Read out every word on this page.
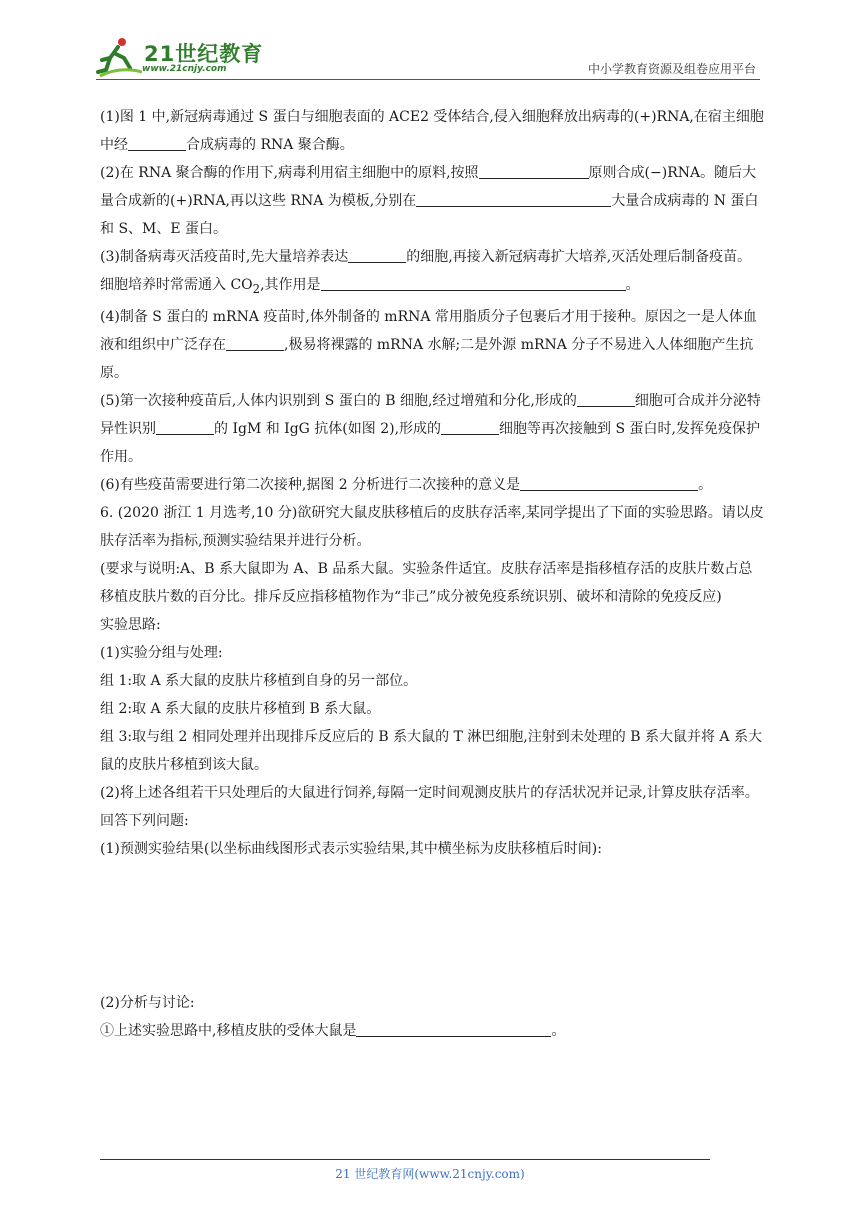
21世纪教育
www.21cnjy.com	中小学教育资源及组卷应用平台

(1)图 1 中,新冠病毒通过 S 蛋白与细胞表面的 ACE2 受体结合,侵入细胞释放出病毒的(+)RNA,在宿主细胞中经	合成病毒的 RNA 聚合酶。

(2)在 RNA 聚合酶的作用下,病毒利用宿主细胞中的原料,按照	原则合成(−)RNA。随后大量合成新的(+)RNA,再以这些 RNA 为模板,分别在	大量合成病毒的 N 蛋白和 S、M、E 蛋白。

(3)制备病毒灭活疫苗时,先大量培养表达	的细胞,再接入新冠病毒扩大培养,灭活处理后制备疫苗。细胞培养时常需通入 $CO_2$,其作用是	。

(4)制备 S 蛋白的 mRNA 疫苗时,体外制备的 mRNA 常用脂质分子包裹后才用于接种。原因之一是人体血液和组织中广泛存在	,极易将裸露的 mRNA 水解;二是外源 mRNA 分子不易进入人体细胞产生抗原。

(5)第一次接种疫苗后,人体内识别到 S 蛋白的 B 细胞,经过增殖和分化,形成的	细胞可合成并分泌特异性识别	的 IgM 和 IgG 抗体(如图 2),形成的	细胞等再次接触到 S 蛋白时,发挥免疫保护作用。

(6)有些疫苗需要进行第二次接种,据图 2 分析进行二次接种的意义是	。

6. (2020 浙江 1 月选考,10 分)欲研究大鼠皮肤移植后的皮肤存活率,某同学提出了下面的实验思路。请以皮肤存活率为指标,预测实验结果并进行分析。

(要求与说明:A、B 系大鼠即为 A、B 品系大鼠。实验条件适宜。皮肤存活率是指移植存活的皮肤片数占总移植皮肤片数的百分比。排斥反应指移植物作为“非己”成分被免疫系统识别、破坏和清除的免疫反应)

实验思路:

(1)实验分组与处理:

组 1:取 A 系大鼠的皮肤片移植到自身的另一部位。

组 2:取 A 系大鼠的皮肤片移植到 B 系大鼠。

组 3:取与组 2 相同处理并出现排斥反应后的 B 系大鼠的 T 淋巴细胞,注射到未处理的 B 系大鼠并将 A 系大鼠的皮肤片移植到该大鼠。

(2)将上述各组若干只处理后的大鼠进行饲养,每隔一定时间观测皮肤片的存活状况并记录,计算皮肤存活率。

回答下列问题:

(1)预测实验结果(以坐标曲线图形式表示实验结果,其中横坐标为皮肤移植后时间):

(2)分析与讨论:

①上述实验思路中,移植皮肤的受体大鼠是	。

21 世纪教育网(www.21cnjy.com)
